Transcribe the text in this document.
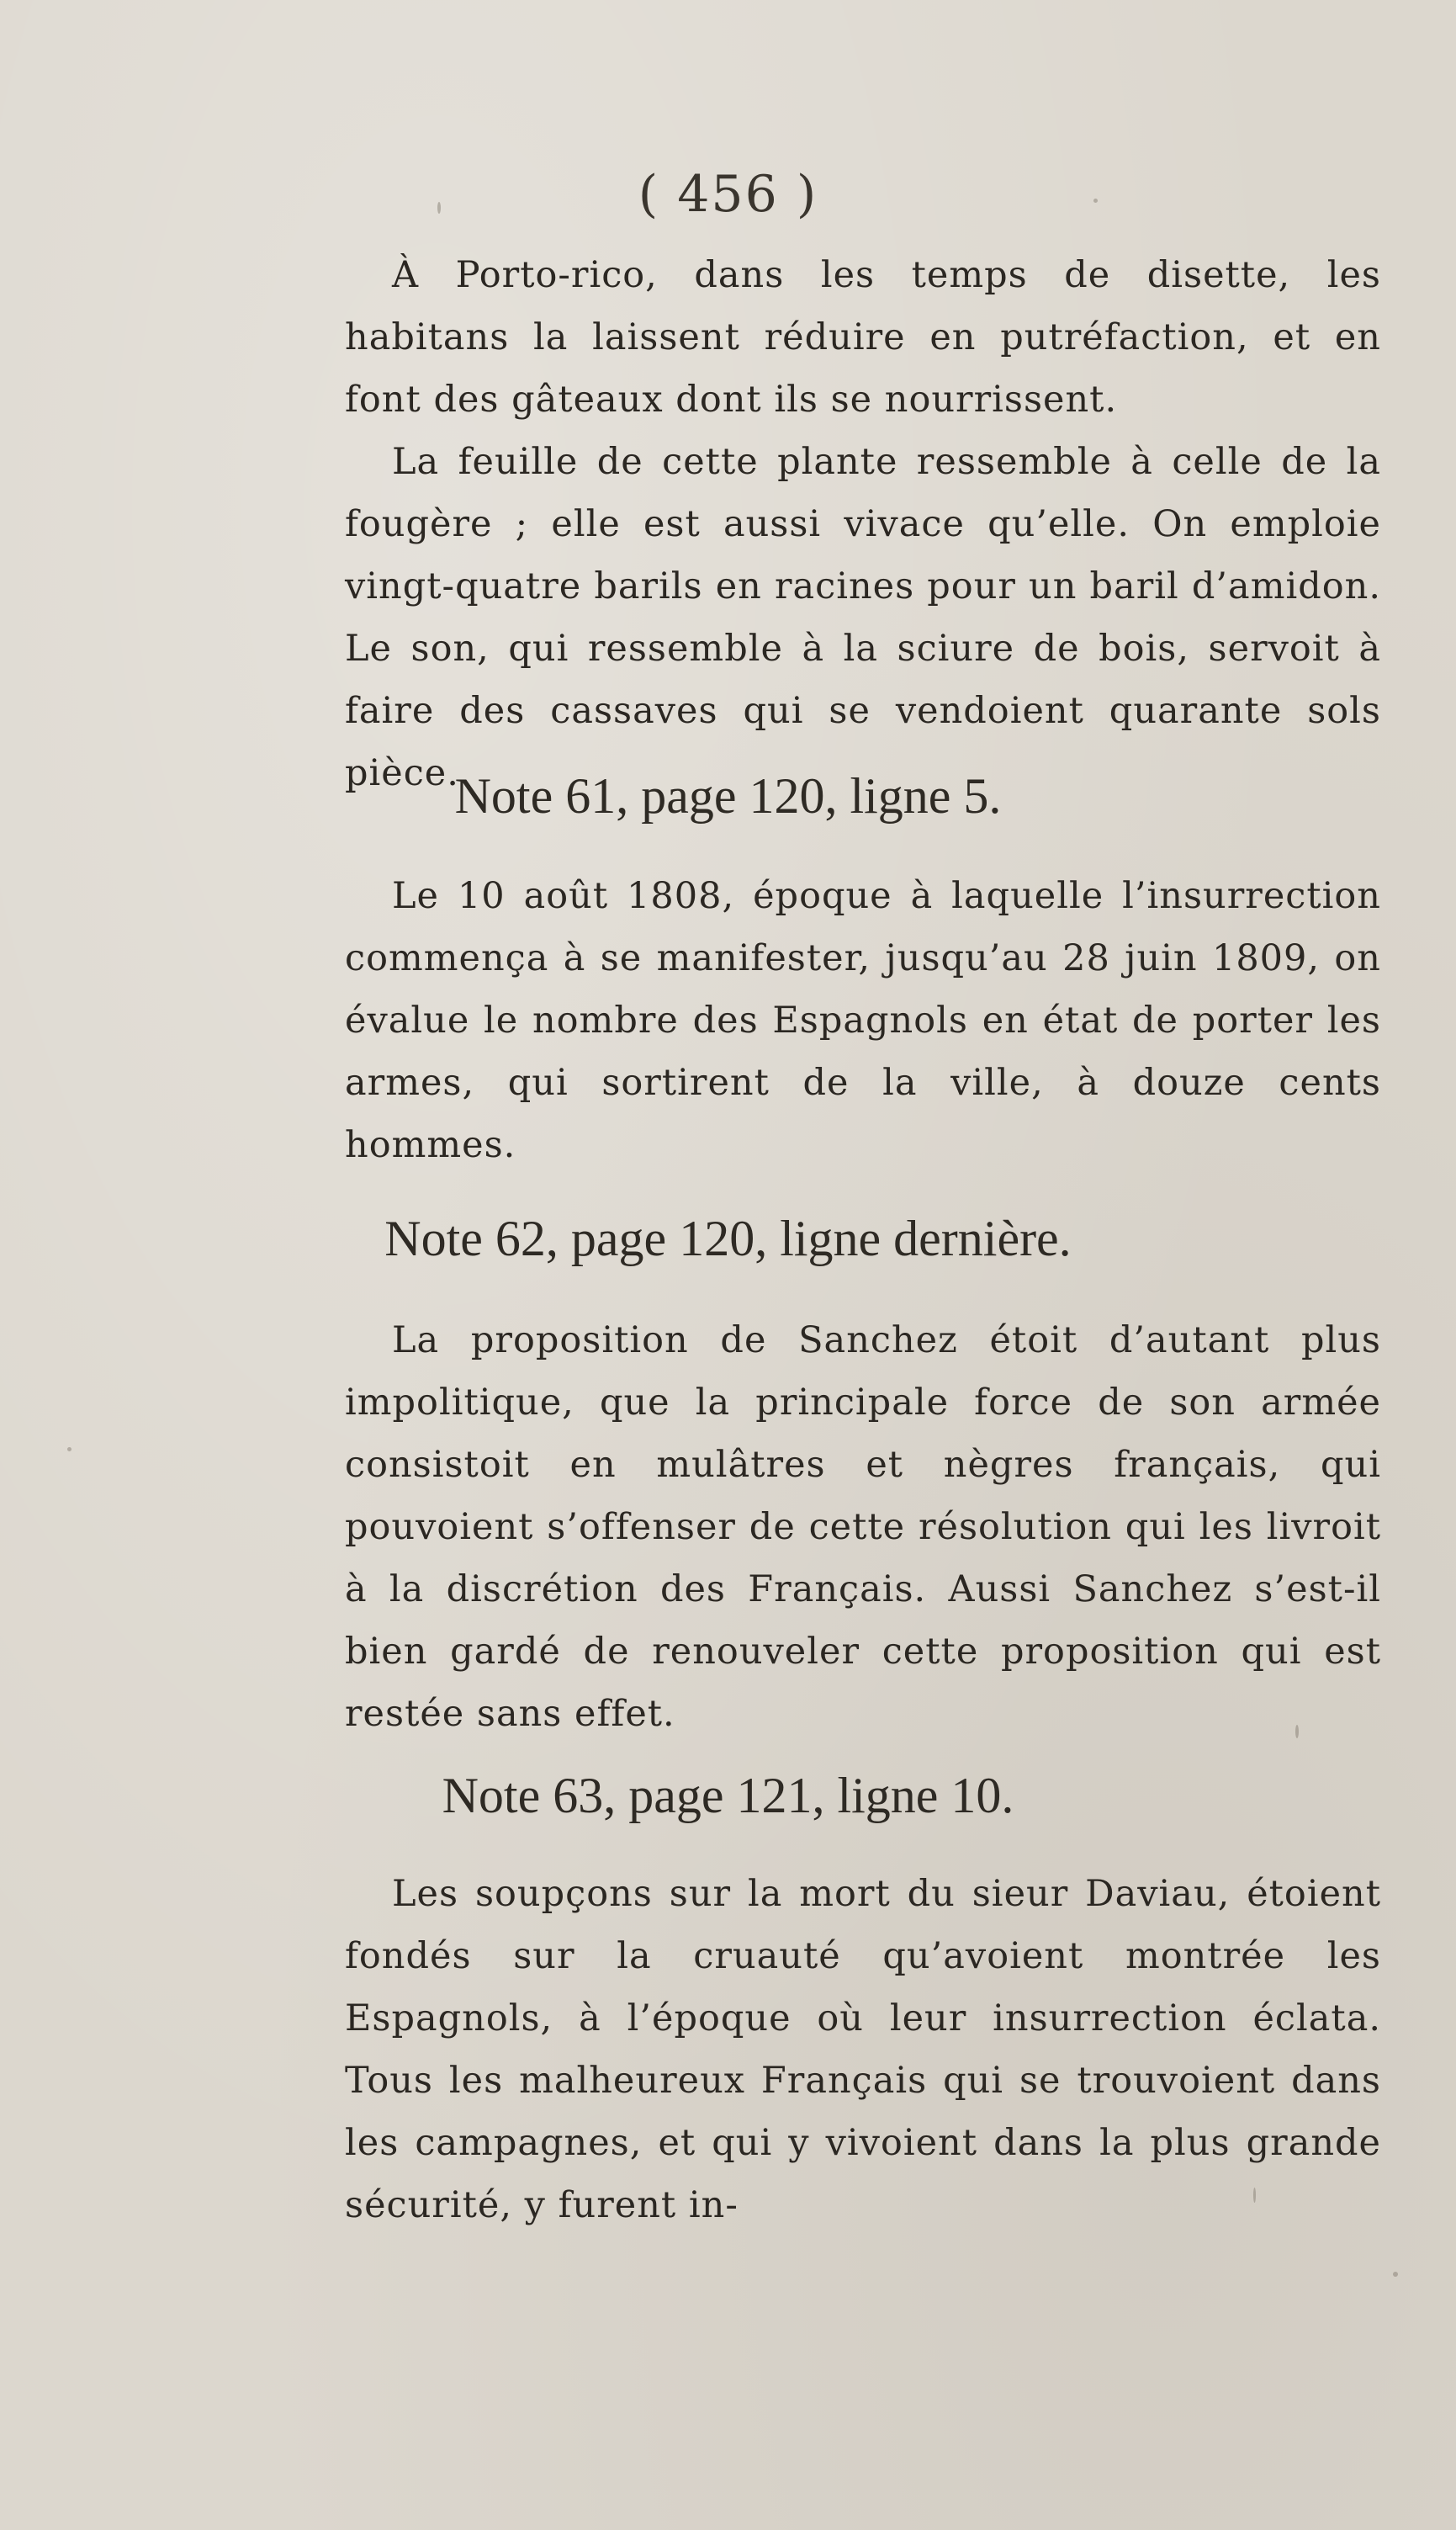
( 456 )

À Porto-rico, dans les temps de disette, les habitans la laissent réduire en putréfaction, et en font des gâteaux dont ils se nourrissent.

La feuille de cette plante ressemble à celle de la fougère ; elle est aussi vivace qu’elle. On emploie vingt-quatre barils en racines pour un baril d’amidon. Le son, qui ressemble à la sciure de bois, servoit à faire des cassaves qui se vendoient quarante sols pièce.

Note 61, page 120, ligne 5.

Le 10 août 1808, époque à laquelle l’insurrection commença à se manifester, jusqu’au 28 juin 1809, on évalue le nombre des Espagnols en état de porter les armes, qui sortirent de la ville, à douze cents hommes.

Note 62, page 120, ligne dernière.

La proposition de Sanchez étoit d’autant plus impolitique, que la principale force de son armée consistoit en mulâtres et nègres français, qui pouvoient s’offenser de cette résolution qui les livroit à la discrétion des Français. Aussi Sanchez s’est-il bien gardé de renouveler cette proposition qui est restée sans effet.

Note 63, page 121, ligne 10.

Les soupçons sur la mort du sieur Daviau, étoient fondés sur la cruauté qu’avoient montrée les Espagnols, à l’époque où leur insurrection éclata. Tous les malheureux Français qui se trouvoient dans les campagnes, et qui y vivoient dans la plus grande sécurité, y furent in-
